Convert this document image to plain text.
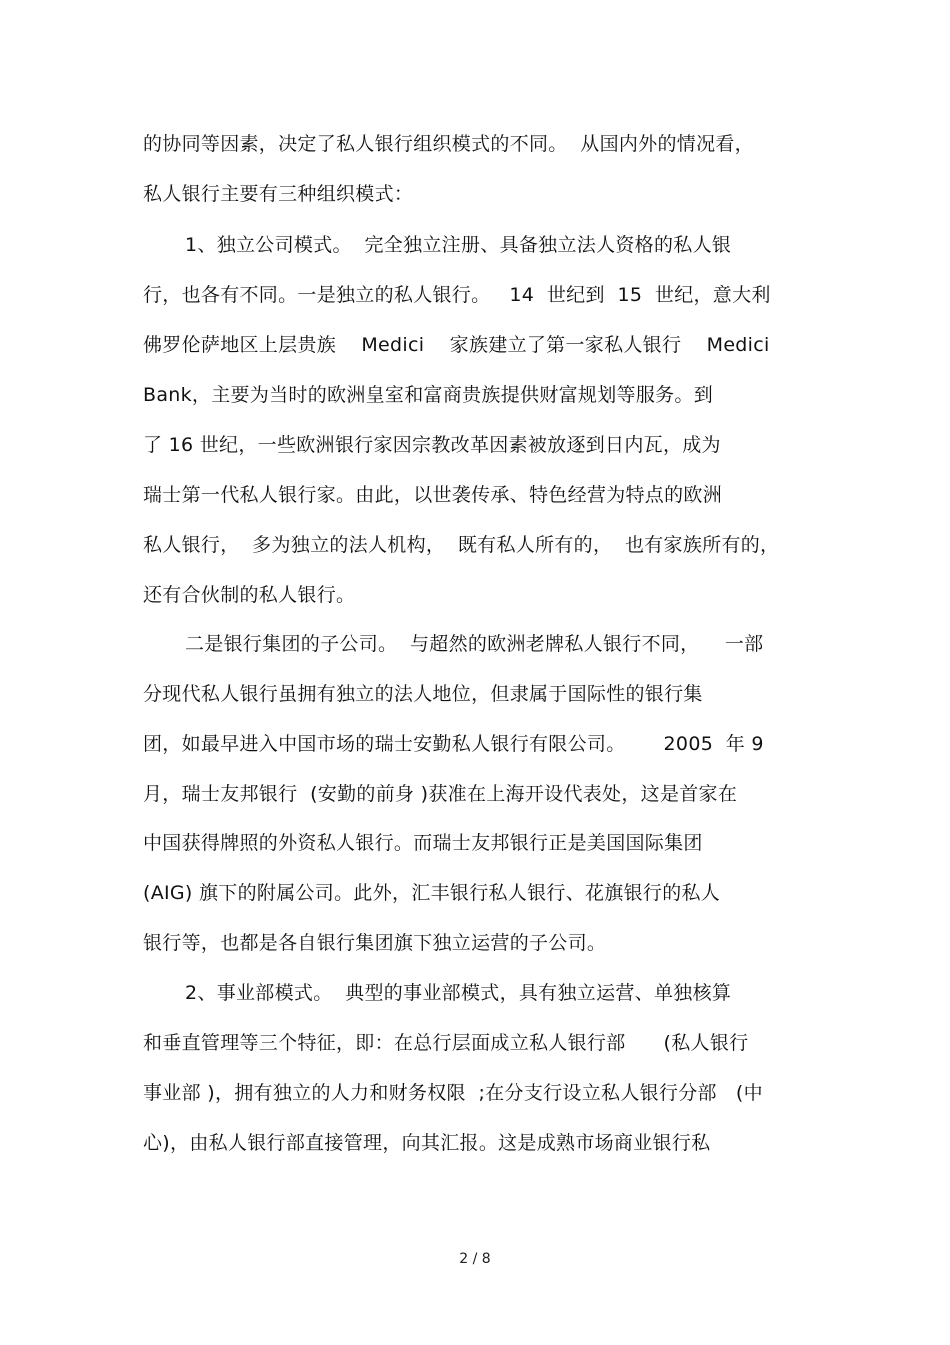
的协同等因素，决定了私人银行组织模式的不同。  从国内外的情况看，
私人银行主要有三种组织模式：
1、独立公司模式。  完全独立注册、具备独立法人资格的私人银
行，也各有不同。一是独立的私人银行。   14  世纪到  15  世纪，意大利
佛罗伦萨地区上层贵族    Medici    家族建立了第一家私人银行    Medici
Bank，主要为当时的欧洲皇室和富商贵族提供财富规划等服务。到
了 16 世纪，一些欧洲银行家因宗教改革因素被放逐到日内瓦，成为
瑞士第一代私人银行家。由此，以世袭传承、特色经营为特点的欧洲
私人银行，  多为独立的法人机构，  既有私人所有的，  也有家族所有的，
还有合伙制的私人银行。
二是银行集团的子公司。  与超然的欧洲老牌私人银行不同，    一部
分现代私人银行虽拥有独立的法人地位，但隶属于国际性的银行集
团，如最早进入中国市场的瑞士安勤私人银行有限公司。      2005  年 9
月，瑞士友邦银行  (安勤的前身 )获准在上海开设代表处，这是首家在
中国获得牌照的外资私人银行。而瑞士友邦银行正是美国国际集团
(AIG) 旗下的附属公司。此外，汇丰银行私人银行、花旗银行的私人
银行等，也都是各自银行集团旗下独立运营的子公司。
2、事业部模式。  典型的事业部模式，具有独立运营、单独核算
和垂直管理等三个特征，即：在总行层面成立私人银行部      (私人银行
事业部 )，拥有独立的人力和财务权限  ;在分支行设立私人银行分部   (中
心)，由私人银行部直接管理，向其汇报。这是成熟市场商业银行私
2 / 8
